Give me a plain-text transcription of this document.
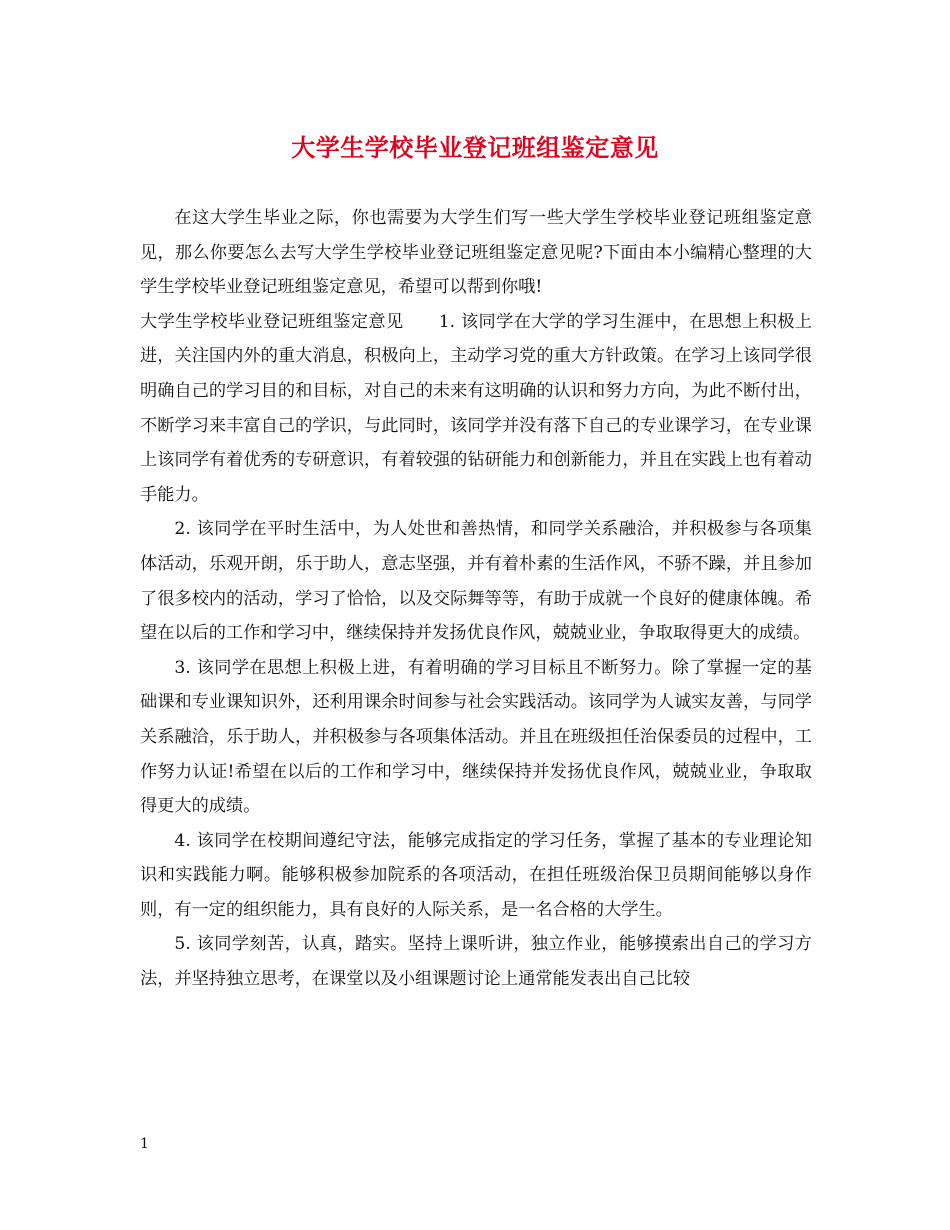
大学生学校毕业登记班组鉴定意见

在这大学生毕业之际，你也需要为大学生们写一些大学生学校毕业登记班组鉴定意见，那么你要怎么去写大学生学校毕业登记班组鉴定意见呢?下面由本小编精心整理的大学生学校毕业登记班组鉴定意见，希望可以帮到你哦!

大学生学校毕业登记班组鉴定意见　　1. 该同学在大学的学习生涯中，在思想上积极上进，关注国内外的重大消息，积极向上，主动学习党的重大方针政策。在学习上该同学很明确自己的学习目的和目标，对自己的未来有这明确的认识和努力方向，为此不断付出，不断学习来丰富自己的学识，与此同时，该同学并没有落下自己的专业课学习，在专业课上该同学有着优秀的专研意识，有着较强的钻研能力和创新能力，并且在实践上也有着动手能力。

2. 该同学在平时生活中，为人处世和善热情，和同学关系融洽，并积极参与各项集体活动，乐观开朗，乐于助人，意志坚强，并有着朴素的生活作风，不骄不躁，并且参加了很多校内的活动，学习了恰恰，以及交际舞等等，有助于成就一个良好的健康体魄。希望在以后的工作和学习中，继续保持并发扬优良作风，兢兢业业，争取取得更大的成绩。

3. 该同学在思想上积极上进，有着明确的学习目标且不断努力。除了掌握一定的基础课和专业课知识外，还利用课余时间参与社会实践活动。该同学为人诚实友善，与同学关系融洽，乐于助人，并积极参与各项集体活动。并且在班级担任治保委员的过程中，工作努力认证!希望在以后的工作和学习中，继续保持并发扬优良作风，兢兢业业，争取取得更大的成绩。

4. 该同学在校期间遵纪守法，能够完成指定的学习任务，掌握了基本的专业理论知识和实践能力啊。能够积极参加院系的各项活动，在担任班级治保卫员期间能够以身作则，有一定的组织能力，具有良好的人际关系，是一名合格的大学生。

5. 该同学刻苦，认真，踏实。坚持上课听讲，独立作业，能够摸索出自己的学习方法，并坚持独立思考，在课堂以及小组课题讨论上通常能发表出自己比较

1
